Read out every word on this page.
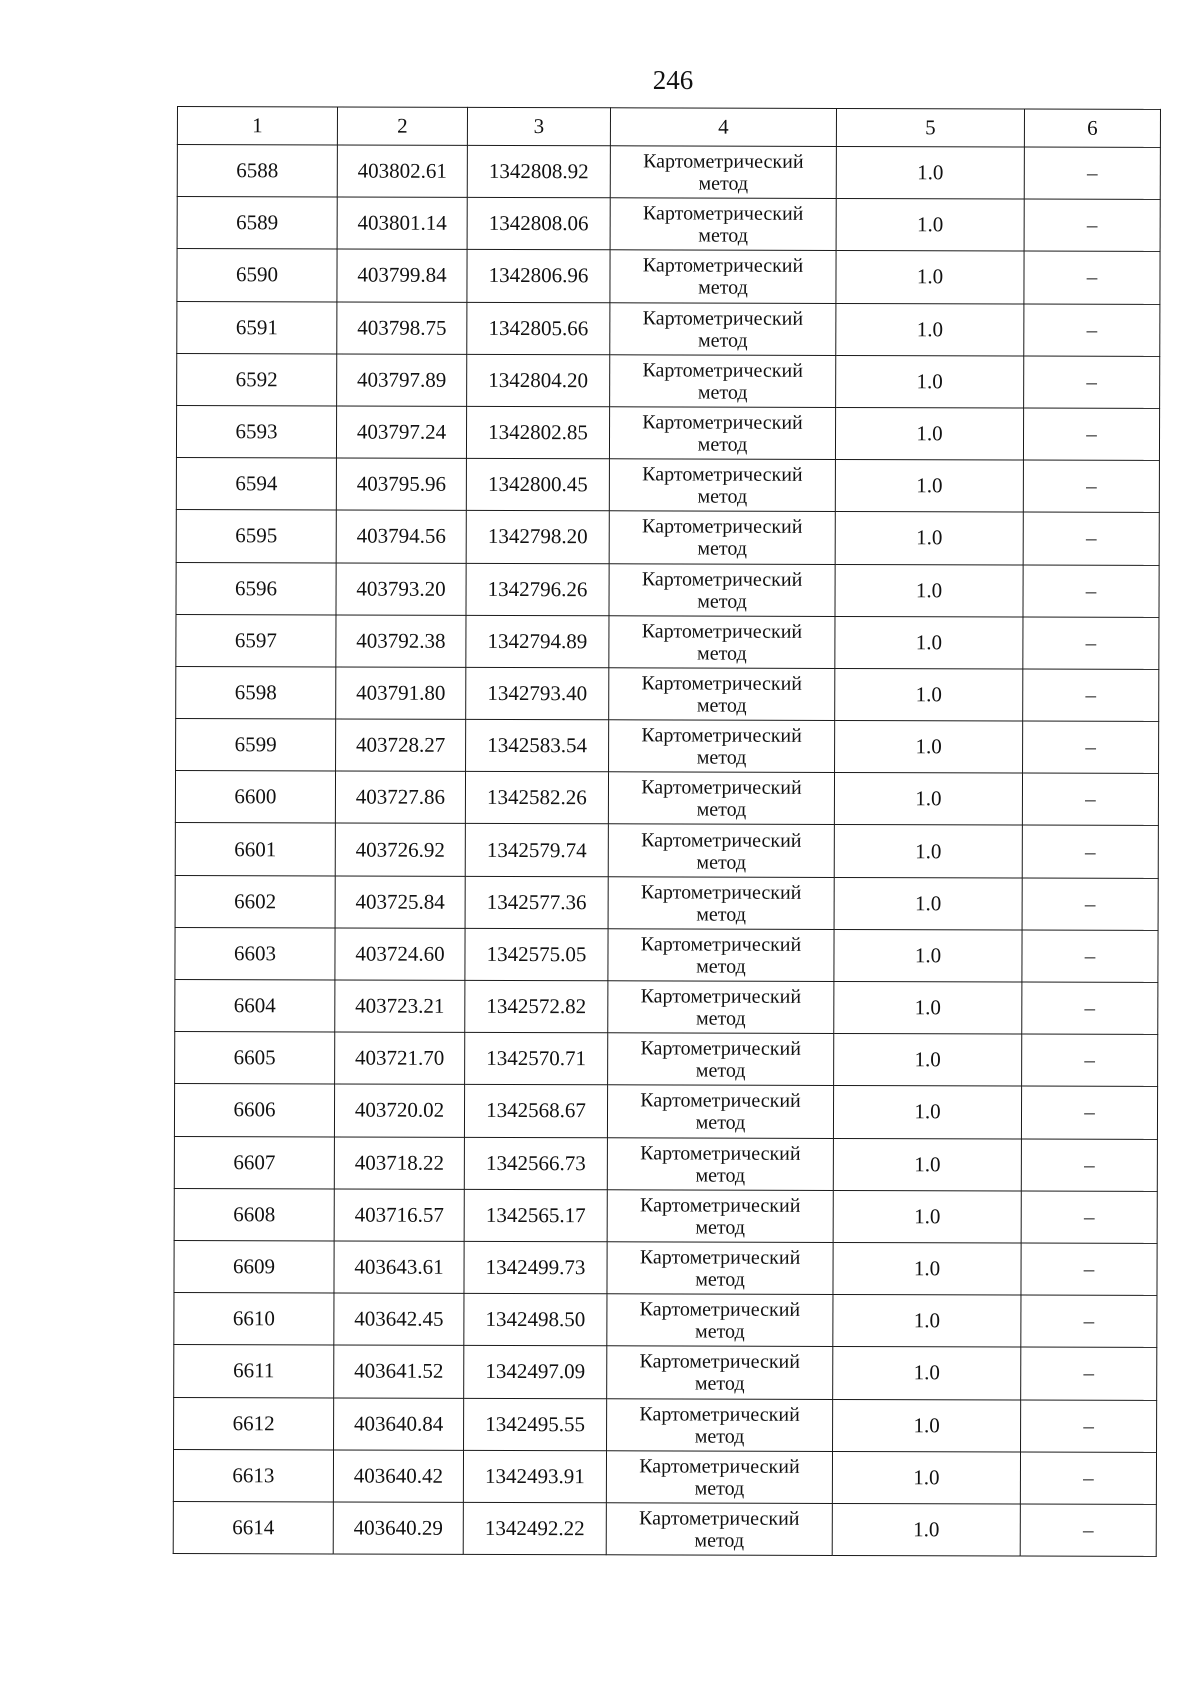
246
1	2	3	4	5	6
6588	403802.61	1342808.92	Картометрический
метод	1.0	–
6589	403801.14	1342808.06	Картометрический
метод	1.0	–
6590	403799.84	1342806.96	Картометрический
метод	1.0	–
6591	403798.75	1342805.66	Картометрический
метод	1.0	–
6592	403797.89	1342804.20	Картометрический
метод	1.0	–
6593	403797.24	1342802.85	Картометрический
метод	1.0	–
6594	403795.96	1342800.45	Картометрический
метод	1.0	–
6595	403794.56	1342798.20	Картометрический
метод	1.0	–
6596	403793.20	1342796.26	Картометрический
метод	1.0	–
6597	403792.38	1342794.89	Картометрический
метод	1.0	–
6598	403791.80	1342793.40	Картометрический
метод	1.0	–
6599	403728.27	1342583.54	Картометрический
метод	1.0	–
6600	403727.86	1342582.26	Картометрический
метод	1.0	–
6601	403726.92	1342579.74	Картометрический
метод	1.0	–
6602	403725.84	1342577.36	Картометрический
метод	1.0	–
6603	403724.60	1342575.05	Картометрический
метод	1.0	–
6604	403723.21	1342572.82	Картометрический
метод	1.0	–
6605	403721.70	1342570.71	Картометрический
метод	1.0	–
6606	403720.02	1342568.67	Картометрический
метод	1.0	–
6607	403718.22	1342566.73	Картометрический
метод	1.0	–
6608	403716.57	1342565.17	Картометрический
метод	1.0	–
6609	403643.61	1342499.73	Картометрический
метод	1.0	–
6610	403642.45	1342498.50	Картометрический
метод	1.0	–
6611	403641.52	1342497.09	Картометрический
метод	1.0	–
6612	403640.84	1342495.55	Картометрический
метод	1.0	–
6613	403640.42	1342493.91	Картометрический
метод	1.0	–
6614	403640.29	1342492.22	Картометрический
метод	1.0	–
